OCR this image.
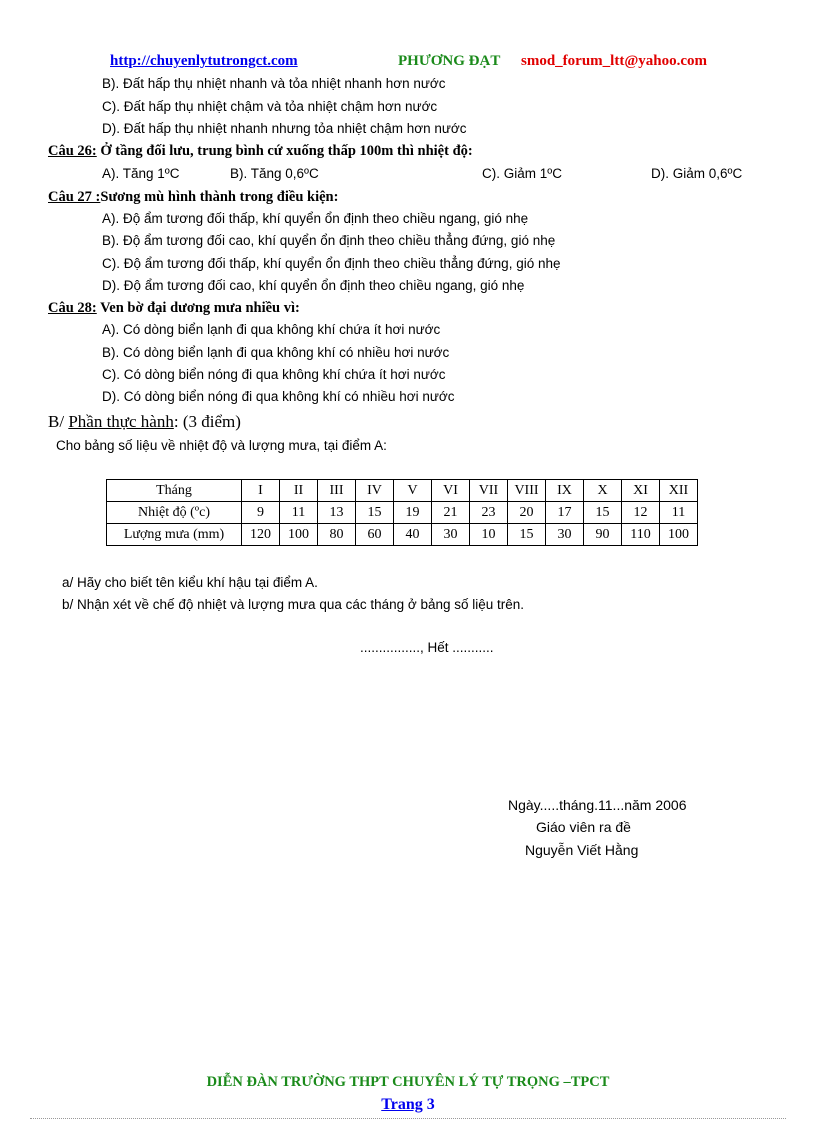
http://chuyenlytutrongct.com	PHƯƠNG ĐẠT smod_forum_ltt@yahoo.com
B). Đất hấp thụ nhiệt nhanh và tỏa nhiệt nhanh hơn nước
C). Đất hấp thụ nhiệt chậm và tỏa nhiệt chậm hơn nước
D). Đất hấp thụ nhiệt nhanh nhưng tỏa nhiệt chậm hơn nước
Câu 26: Ở tầng đối lưu, trung bình cứ xuống thấp 100m thì nhiệt độ:
A). Tăng 1ºC	B). Tăng 0,6ºC	C). Giảm 1ºC	D). Giảm 0,6ºC
Câu 27 :Sương mù hình thành trong điều kiện:
A). Độ ẩm tương đối thấp, khí quyển ổn định theo chiều ngang, gió nhẹ
B). Độ ẩm tương đối cao, khí quyển ổn định theo chiều thẳng đứng, gió nhẹ
C). Độ ẩm tương đối thấp, khí quyển ổn định theo chiều thẳng đứng, gió nhẹ
D). Độ ẩm tương đối cao, khí quyển ổn định theo chiều ngang, gió nhẹ
Câu 28: Ven bờ đại dương mưa nhiều vì:
A). Có dòng biển lạnh đi qua không khí chứa ít hơi nước
B). Có dòng biển lạnh đi qua không khí có nhiều hơi nước
C). Có dòng biển nóng đi qua không khí chứa ít hơi nước
D). Có dòng biển nóng đi qua không khí có nhiều hơi nước
B/ Phần thực hành: (3 điểm)
Cho bảng số liệu về nhiệt độ và lượng mưa, tại điểm A:
Tháng	I	II	III	IV	V	VI	VII	VIII	IX	X	XI	XII
Nhiệt độ (ºc)	9	11	13	15	19	21	23	20	17	15	12	11
Lượng mưa (mm)	120	100	80	60	40	30	10	15	30	90	110	100
a/ Hãy cho biết tên kiểu khí hậu tại điểm A.
b/ Nhận xét về chế độ nhiệt và lượng mưa qua các tháng ở bảng số liệu trên.
................, Hết ...........
Ngày.....tháng.11...năm 2006
Giáo viên ra đề
Nguyễn Viết Hằng
DIỄN ĐÀN TRƯỜNG THPT CHUYÊN LÝ TỰ TRỌNG –TPCT
Trang 3
